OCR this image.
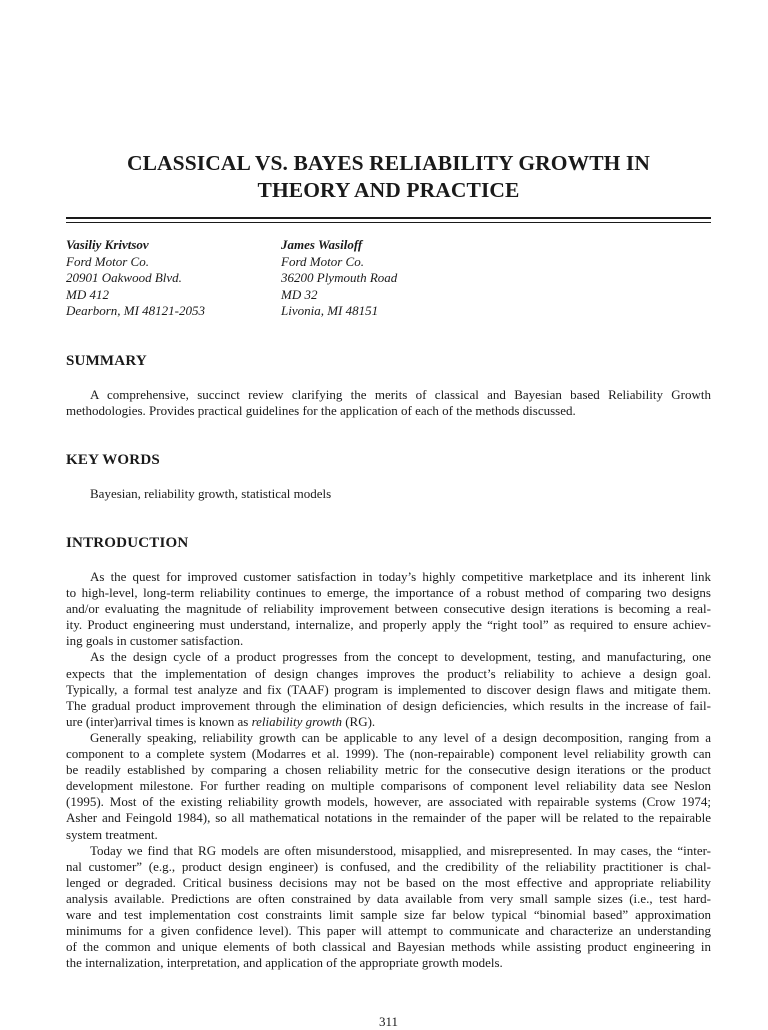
CLASSICAL VS. BAYES RELIABILITY GROWTH IN
THEORY AND PRACTICE
Vasiliy Krivtsov
Ford Motor Co.
20901 Oakwood Blvd.
MD 412
Dearborn, MI 48121-2053
James Wasiloff
Ford Motor Co.
36200 Plymouth Road
MD 32
Livonia, MI 48151
SUMMARY
A comprehensive, succinct review clarifying the merits of classical and Bayesian based Reliability Growth
methodologies. Provides practical guidelines for the application of each of the methods discussed.
KEY WORDS
Bayesian, reliability growth, statistical models
INTRODUCTION
As the quest for improved customer satisfaction in today’s highly competitive marketplace and its inherent link
to high-level, long-term reliability continues to emerge, the importance of a robust method of comparing two designs
and/or evaluating the magnitude of reliability improvement between consecutive design iterations is becoming a real-
ity. Product engineering must understand, internalize, and properly apply the “right tool” as required to ensure achiev-
ing goals in customer satisfaction.
As the design cycle of a product progresses from the concept to development, testing, and manufacturing, one
expects that the implementation of design changes improves the product’s reliability to achieve a design goal.
Typically, a formal test analyze and fix (TAAF) program is implemented to discover design flaws and mitigate them.
The gradual product improvement through the elimination of design deficiencies, which results in the increase of fail-
ure (inter)arrival times is known as reliability growth (RG).
Generally speaking, reliability growth can be applicable to any level of a design decomposition, ranging from a
component to a complete system (Modarres et al. 1999). The (non-repairable) component level reliability growth can
be readily established by comparing a chosen reliability metric for the consecutive design iterations or the product
development milestone. For further reading on multiple comparisons of component level reliability data see Neslon
(1995). Most of the existing reliability growth models, however, are associated with repairable systems (Crow 1974;
Asher and Feingold 1984), so all mathematical notations in the remainder of the paper will be related to the repairable
system treatment.
Today we find that RG models are often misunderstood, misapplied, and misrepresented. In may cases, the “inter-
nal customer” (e.g., product design engineer) is confused, and the credibility of the reliability practitioner is chal-
lenged or degraded. Critical business decisions may not be based on the most effective and appropriate reliability
analysis available. Predictions are often constrained by data available from very small sample sizes (i.e., test hard-
ware and test implementation cost constraints limit sample size far below typical “binomial based” approximation
minimums for a given confidence level). This paper will attempt to communicate and characterize an understanding
of the common and unique elements of both classical and Bayesian methods while assisting product engineering in
the internalization, interpretation, and application of the appropriate growth models.
311
